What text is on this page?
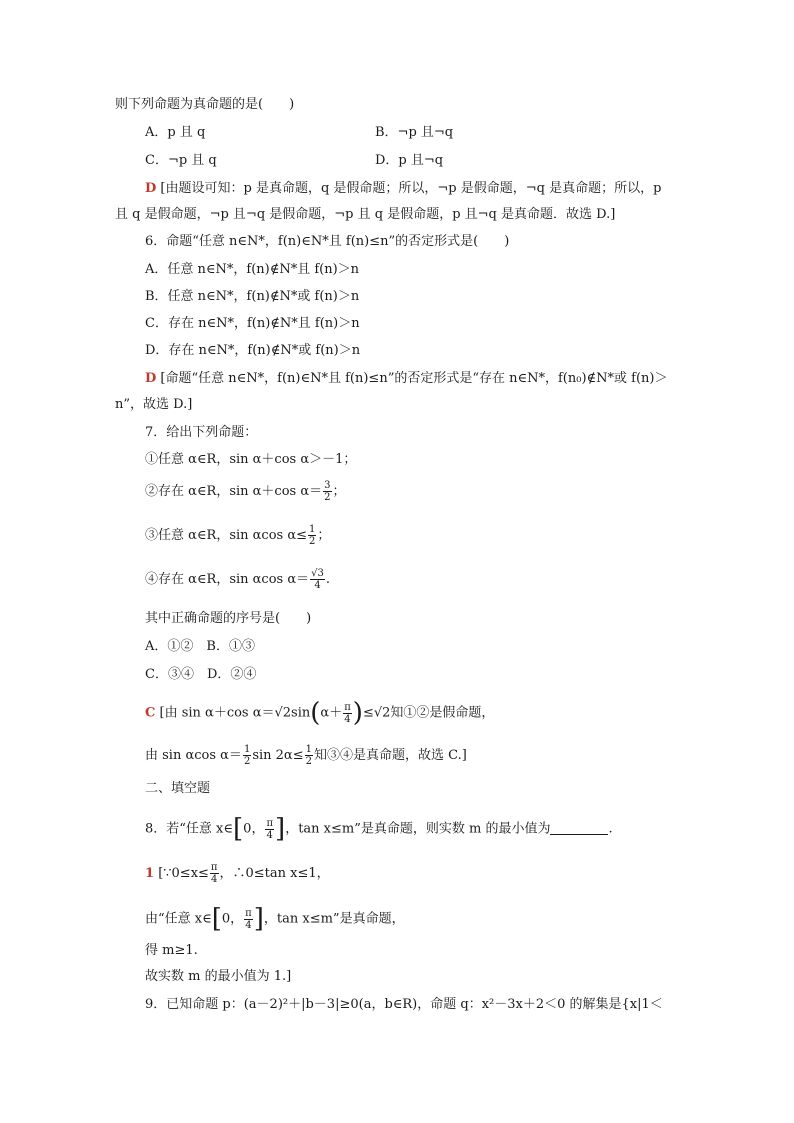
则下列命题为真命题的是(　　)
A．p 且 q	B．¬p 且¬q
C．¬p 且 q	D．p 且¬q
D [由题设可知：p 是真命题，q 是假命题；所以，¬p 是假命题，¬q 是真命题；所以，p
且 q 是假命题，¬p 且¬q 是假命题，¬p 且 q 是假命题，p 且¬q 是真命题．故选 D.]
6．命题“任意 n∈N*，f(n)∈N*且 f(n)≤n”的否定形式是(　　)
A．任意 n∈N*，f(n)∉N*且 f(n)＞n
B．任意 n∈N*，f(n)∉N*或 f(n)＞n
C．存在 n∈N*，f(n)∉N*且 f(n)＞n
D．存在 n∈N*，f(n)∉N*或 f(n)＞n
D [命题“任意 n∈N*，f(n)∈N*且 f(n)≤n”的否定形式是“存在 n∈N*，f(n₀)∉N*或 f(n)＞
n”，故选 D.]
7．给出下列命题：
①任意 α∈R，sin α＋cos α＞－1；
②存在 α∈R，sin α＋cos $\alpha= \frac{3}{2}$ ；
③任意 α∈R，sin αcos $\alpha\le \frac{1}{2}$ ；
④存在 α∈R，sin αcos $\alpha= \frac{√3}{4}$ .
其中正确命题的序号是(　　)
A．①②　B．①③
C．③④　D．②④
C [由 sin α＋cos $\alpha=√2\sin(\alpha+ \frac{\pi}{4} )\le√2$知①②是假命题，
由 sin αcos $\alpha= \frac{1}{2}$ $\sin 2\alpha\le \frac{1}{2}$ 知③④是真命题，故选 C.]
二、填空题
8．若“任意 x∈[0， $\frac{\pi}{4}$ ]，tan x≤m”是真命题，则实数 m 的最小值为	.
1 [∵0≤x≤ $\frac{\pi}{4}$ ，∴0≤tan x≤1，
由“任意 x∈[0， $\frac{\pi}{4}$ ]，tan x≤m”是真命题，
得 m≥1.
故实数 m 的最小值为 1.]
9．已知命题 p：(a－2)²＋|b－3|≥0(a，b∈R)，命题 q：x²－3x＋2＜0 的解集是{x|1＜
